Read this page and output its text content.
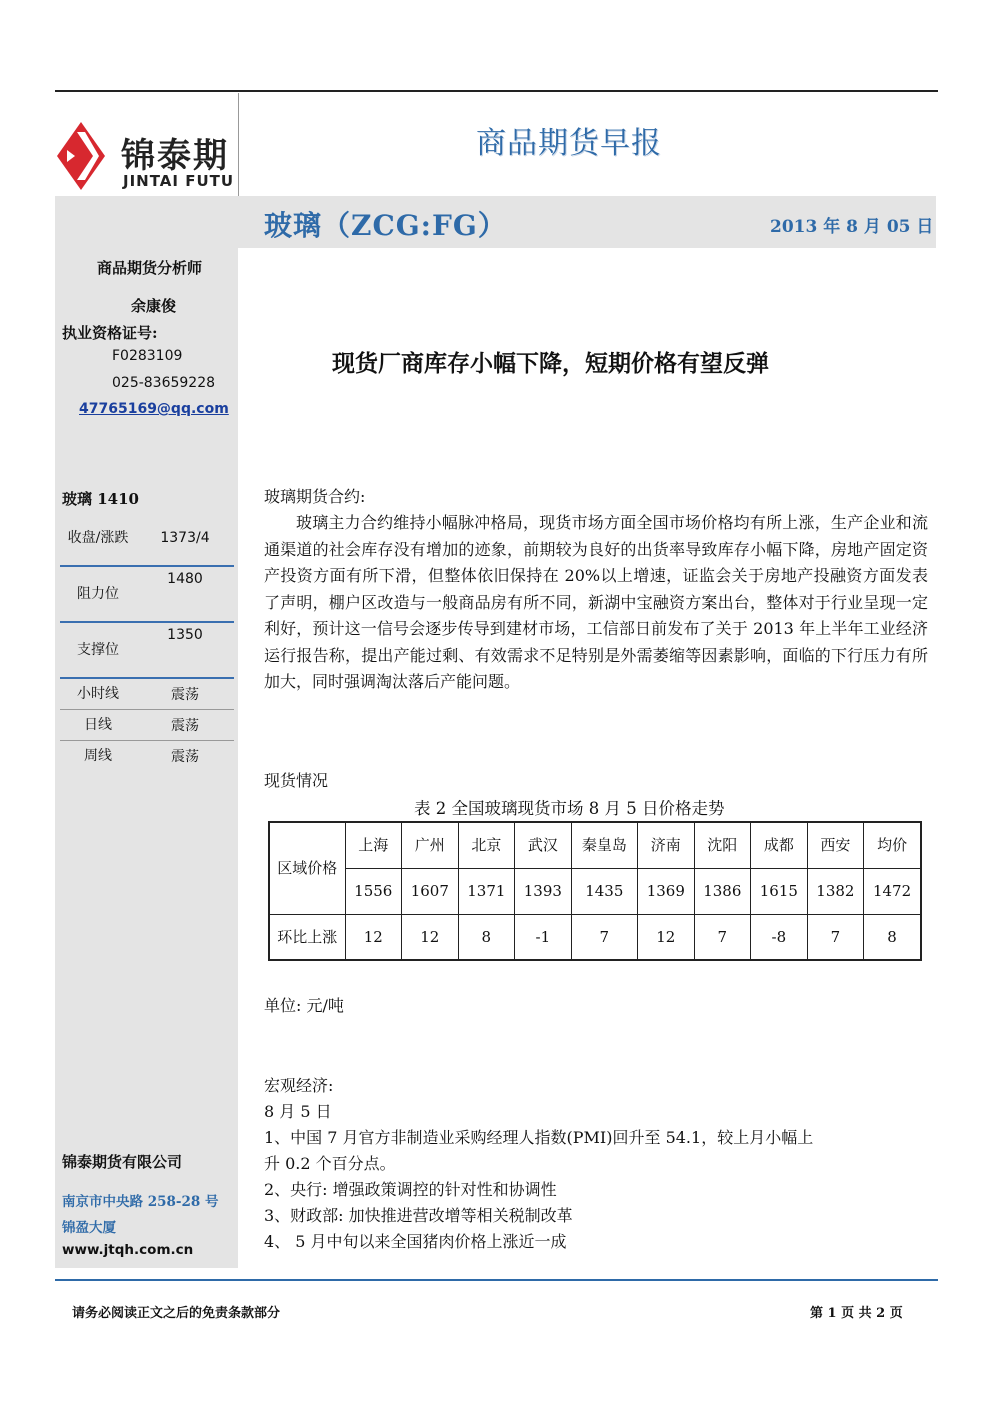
锦泰期
JINTAI FUTU
商品期货早报
玻璃（ZCG:FG）	2013 年 8 月 05 日
商品期货分析师
余康俊
执业资格证号:
F0283109
025-83659228
47765169@qq.com
玻璃 1410
收盘/涨跌	1373/4
阻力位	1480
支撑位	1350
小时线	震荡
日线	震荡
周线	震荡
锦泰期货有限公司
南京市中央路 258-28 号
锦盈大厦
www.jtqh.com.cn
现货厂商库存小幅下降，短期价格有望反弹
玻璃期货合约:
玻璃主力合约维持小幅脉冲格局，现货市场方面全国市场价格均有所上涨，生产企业和流通渠道的社会库存没有增加的迹象，前期较为良好的出货率导致库存小幅下降，房地产固定资产投资方面有所下滑，但整体依旧保持在 20%以上增速，证监会关于房地产投融资方面发表了声明，棚户区改造与一般商品房有所不同，新湖中宝融资方案出台，整体对于行业呈现一定利好，预计这一信号会逐步传导到建材市场，工信部日前发布了关于 2013 年上半年工业经济运行报告称，提出产能过剩、有效需求不足特别是外需萎缩等因素影响，面临的下行压力有所加大，同时强调淘汰落后产能问题。
现货情况
表 2 全国玻璃现货市场 8 月 5 日价格走势
区域价格	上海	广州	北京	武汉	秦皇岛	济南	沈阳	成都	西安	均价
	1556	1607	1371	1393	1435	1369	1386	1615	1382	1472
环比上涨	12	12	8	-1	7	12	7	-8	7	8
单位: 元/吨
宏观经济:
8 月 5 日
1、中国 7 月官方非制造业采购经理人指数(PMI)回升至 54.1，较上月小幅上
升 0.2 个百分点。
2、央行: 增强政策调控的针对性和协调性
3、财政部: 加快推进营改增等相关税制改革
4、 5 月中旬以来全国猪肉价格上涨近一成
请务必阅读正文之后的免责条款部分	第 1 页 共 2 页
